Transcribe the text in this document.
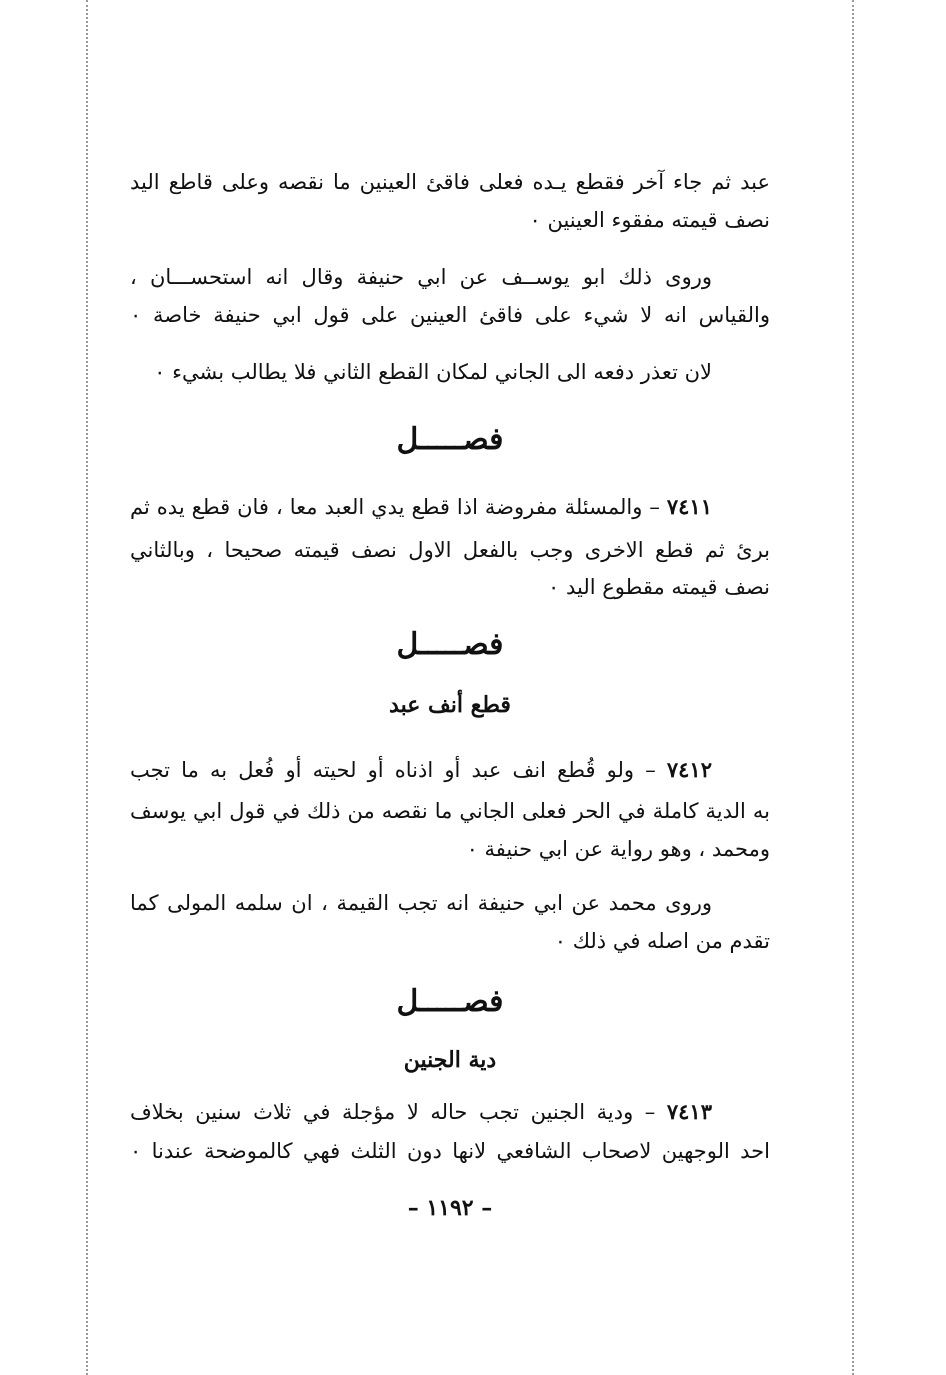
عبد ثم جاء آخر فقطع يـده فعلى فاقئ العينين ما نقصه وعلى قاطع اليد
نصف قيمته مفقوء العينين ٠
وروى ذلك ابو يوســف عن ابي حنيفة وقال انه استحســـان ،
والقياس انه لا شيء على فاقئ العينين على قول ابي حنيفة خاصة ٠
لان تعذر دفعه الى الجاني لمكان القطع الثاني فلا يطالب بشيء ٠
فصـــــل
٧٤١١ – والمسئلة مفروضة اذا قطع يدي العبد معا ، فان قطع يده ثم
برئ ثم قطع الاخرى وجب بالفعل الاول نصف قيمته صحيحا ، وبالثاني
نصف قيمته مقطوع اليد ٠
فصـــــل
قطع أنف عبد
٧٤١٢ – ولو قُطع انف عبد أو اذناه أو لحيته أو فُعل به ما تجب
به الدية كاملة في الحر فعلى الجاني ما نقصه من ذلك في قول ابي يوسف
ومحمد ، وهو رواية عن ابي حنيفة ٠
وروى محمد عن ابي حنيفة انه تجب القيمة ، ان سلمه المولى كما
تقدم من اصله في ذلك ٠
فصـــــل
دية الجنين
٧٤١٣ – ودية الجنين تجب حاله لا مؤجلة في ثلاث سنين بخلاف
احد الوجهين لاصحاب الشافعي لانها دون الثلث فهي كالموضحة عندنا ٠
– ١١٩٢ –
